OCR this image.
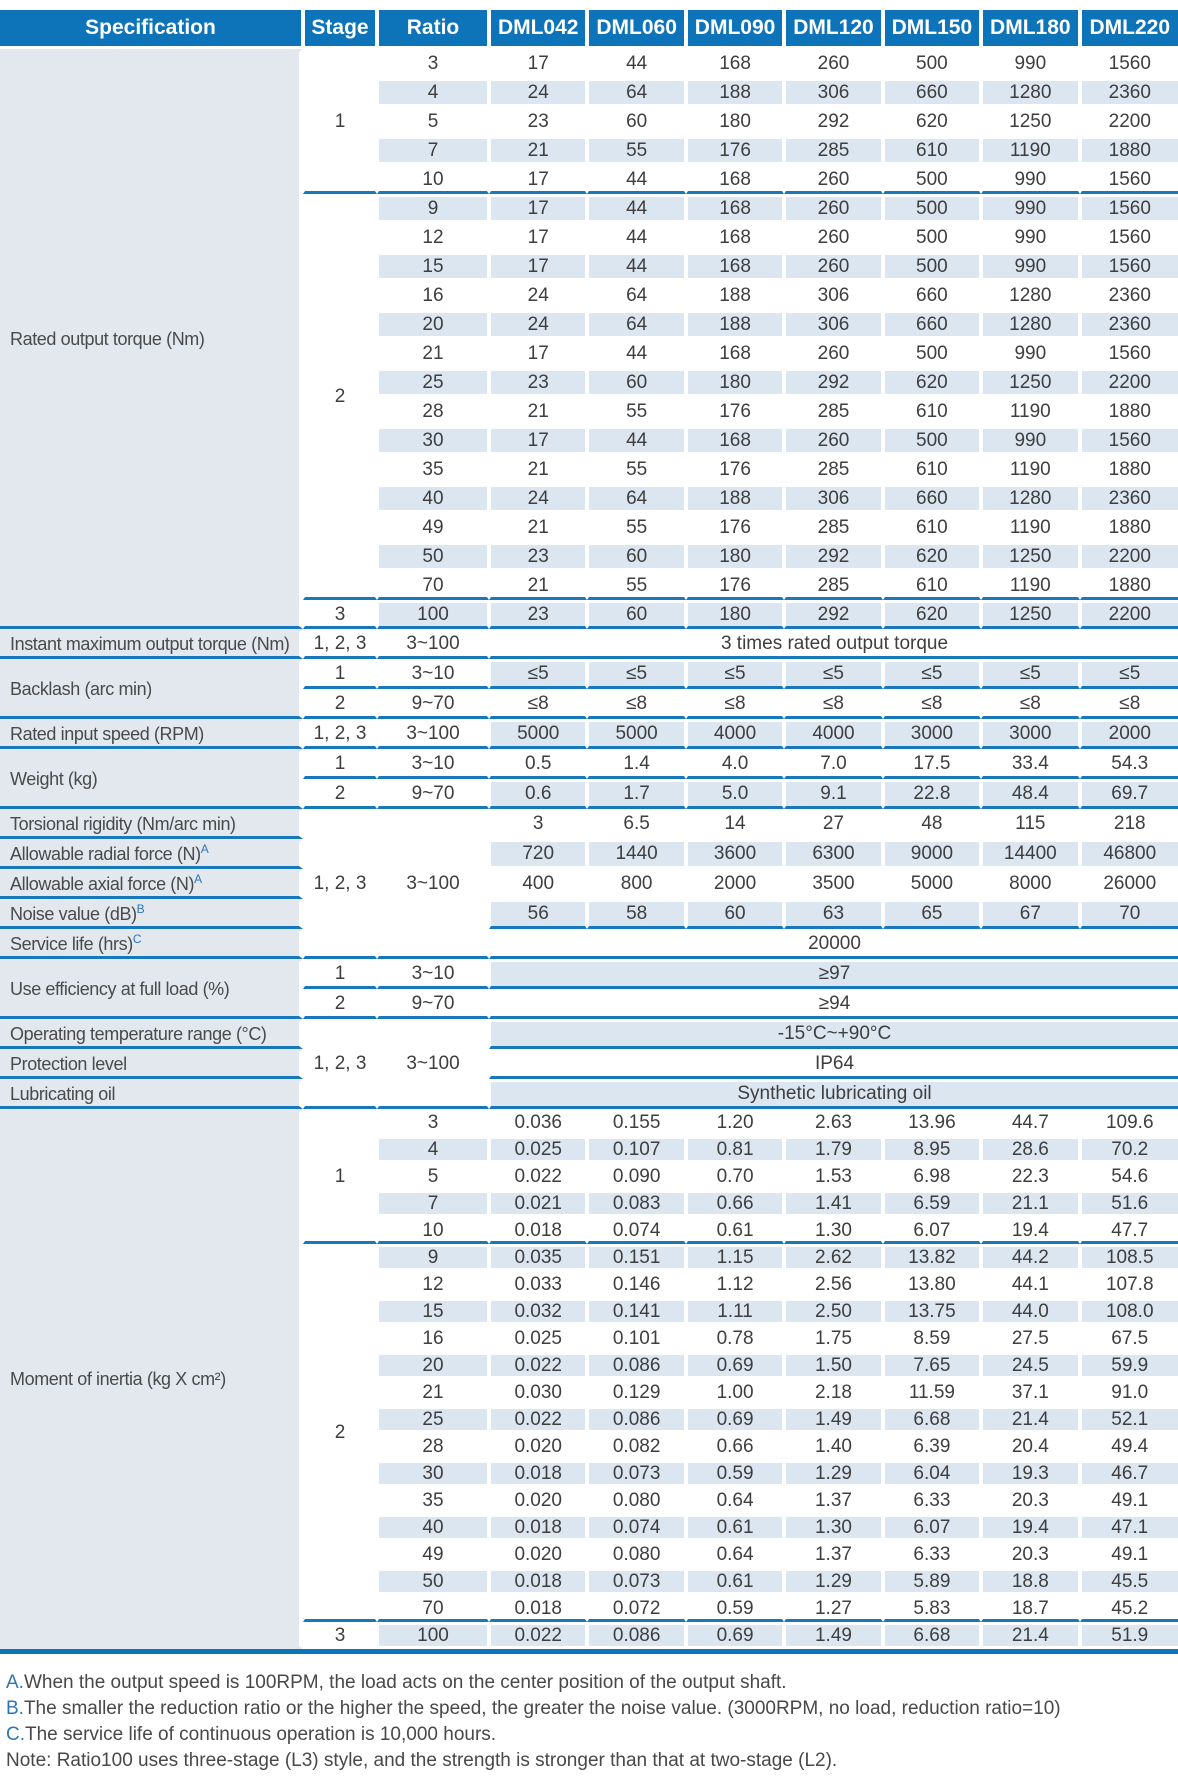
Specification	Stage	Ratio	DML042	DML060	DML090	DML120	DML150	DML180	DML220
Rated output torque (Nm)	1	3	17	44	168	260	500	990	1560
		4	24	64	188	306	660	1280	2360
		5	23	60	180	292	620	1250	2200
		7	21	55	176	285	610	1190	1880
		10	17	44	168	260	500	990	1560
	2	9	17	44	168	260	500	990	1560
		12	17	44	168	260	500	990	1560
		15	17	44	168	260	500	990	1560
		16	24	64	188	306	660	1280	2360
		20	24	64	188	306	660	1280	2360
		21	17	44	168	260	500	990	1560
		25	23	60	180	292	620	1250	2200
		28	21	55	176	285	610	1190	1880
		30	17	44	168	260	500	990	1560
		35	21	55	176	285	610	1190	1880
		40	24	64	188	306	660	1280	2360
		49	21	55	176	285	610	1190	1880
		50	23	60	180	292	620	1250	2200
		70	21	55	176	285	610	1190	1880
	3	100	23	60	180	292	620	1250	2200
Instant maximum output torque (Nm)	1, 2, 3	3~100	3 times rated output torque						
Backlash (arc min)	1	3~10	≤5	≤5	≤5	≤5	≤5	≤5	≤5
	2	9~70	≤8	≤8	≤8	≤8	≤8	≤8	≤8
Rated input speed (RPM)	1, 2, 3	3~100	5000	5000	4000	4000	3000	3000	2000
Weight (kg)	1	3~10	0.5	1.4	4.0	7.0	17.5	33.4	54.3
	2	9~70	0.6	1.7	5.0	9.1	22.8	48.4	69.7
Torsional rigidity (Nm/arc min)	1, 2, 3	3~100	3	6.5	14	27	48	115	218
Allowable radial force $(N)^A$			720	1440	3600	6300	9000	14400	46800
Allowable axial force $(N)^A$			400	800	2000	3500	5000	8000	26000
Noise value (dB)$^B$			56	58	60	63	65	67	70
Service life (hrs)$^C$			20000						
Use efficiency at full load (%)	1	3~10	≥97						
	2	9~70	≥94						
Operating temperature range (°C)	1, 2, 3	3~100	-15°C~+90°C						
Protection level			IP64						
Lubricating oil			Synthetic lubricating oil						
Moment of inertia (kg X cm²)	1	3	0.036	0.155	1.20	2.63	13.96	44.7	109.6
		4	0.025	0.107	0.81	1.79	8.95	28.6	70.2
		5	0.022	0.090	0.70	1.53	6.98	22.3	54.6
		7	0.021	0.083	0.66	1.41	6.59	21.1	51.6
		10	0.018	0.074	0.61	1.30	6.07	19.4	47.7
	2	9	0.035	0.151	1.15	2.62	13.82	44.2	108.5
		12	0.033	0.146	1.12	2.56	13.80	44.1	107.8
		15	0.032	0.141	1.11	2.50	13.75	44.0	108.0
		16	0.025	0.101	0.78	1.75	8.59	27.5	67.5
		20	0.022	0.086	0.69	1.50	7.65	24.5	59.9
		21	0.030	0.129	1.00	2.18	11.59	37.1	91.0
		25	0.022	0.086	0.69	1.49	6.68	21.4	52.1
		28	0.020	0.082	0.66	1.40	6.39	20.4	49.4
		30	0.018	0.073	0.59	1.29	6.04	19.3	46.7
		35	0.020	0.080	0.64	1.37	6.33	20.3	49.1
		40	0.018	0.074	0.61	1.30	6.07	19.4	47.1
		49	0.020	0.080	0.64	1.37	6.33	20.3	49.1
		50	0.018	0.073	0.61	1.29	5.89	18.8	45.5
		70	0.018	0.072	0.59	1.27	5.83	18.7	45.2
	3	100	0.022	0.086	0.69	1.49	6.68	21.4	51.9
A.When the output speed is 100RPM, the load acts on the center position of the output shaft.
B.The smaller the reduction ratio or the higher the speed, the greater the noise value. (3000RPM, no load, reduction ratio=10)
C.The service life of continuous operation is 10,000 hours.
Note: Ratio100 uses three-stage (L3) style, and the strength is stronger than that at two-stage (L2).
